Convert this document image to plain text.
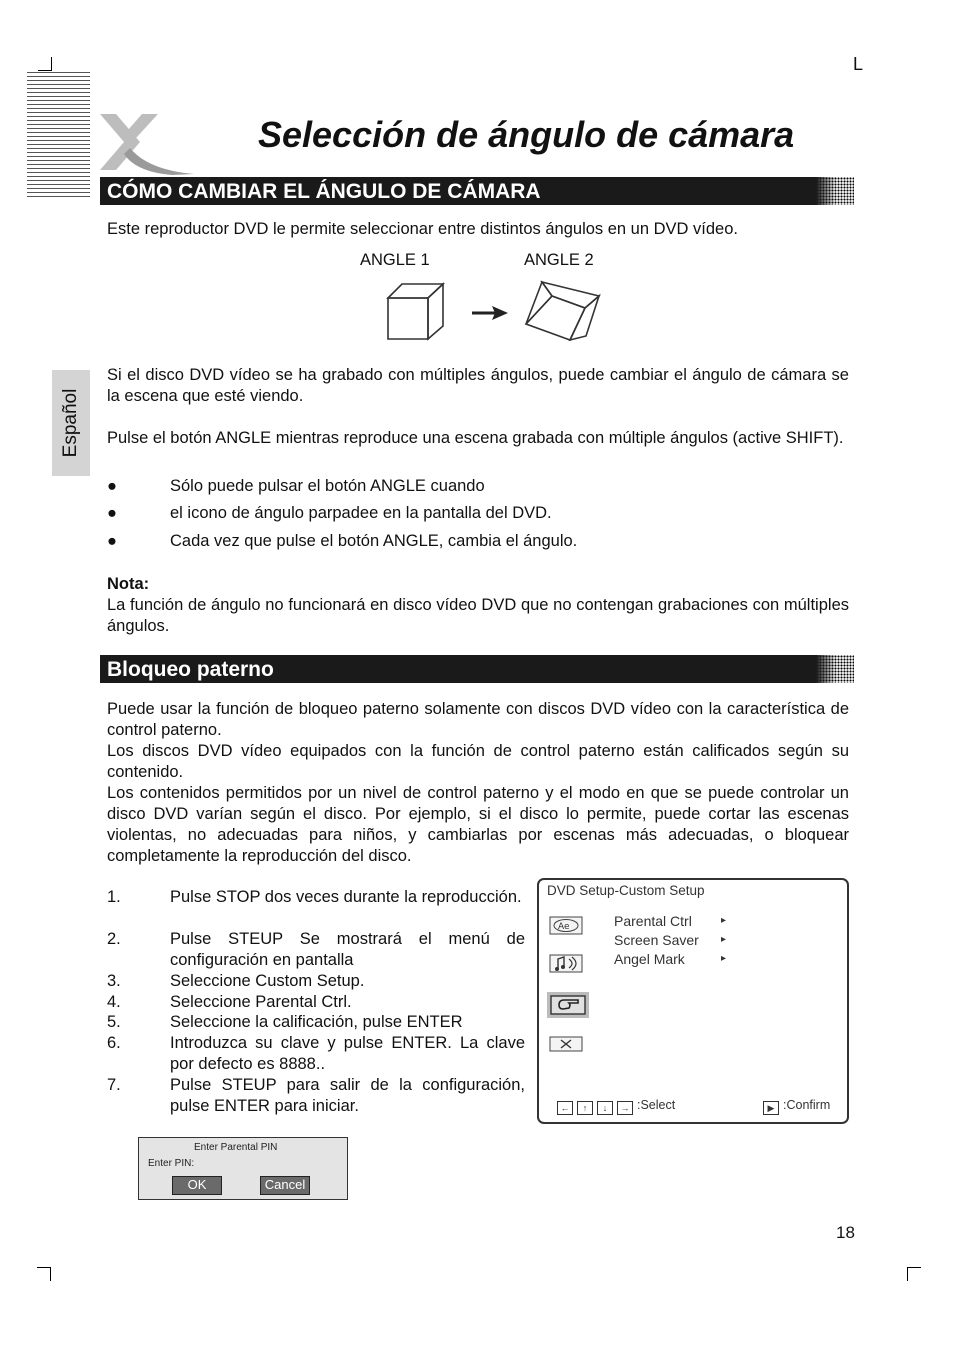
L
Selección de ángulo de cámara
CÓMO CAMBIAR EL ÁNGULO DE CÁMARA
Este reproductor DVD le permite seleccionar entre distintos ángulos en un DVD vídeo.
ANGLE 1	ANGLE 2
Español
Si el disco DVD vídeo se ha grabado con múltiples ángulos, puede cambiar el ángulo de cámara se la escena que esté viendo.
Pulse el botón ANGLE mientras reproduce una escena grabada con múltiple ángulos (active SHIFT).
●	Sólo puede pulsar el botón ANGLE cuando
●	el icono de ángulo parpadee en la pantalla del DVD.
●	Cada vez que pulse el botón ANGLE, cambia el ángulo.
Nota:
La función de ángulo no funcionará en disco vídeo DVD que no contengan grabaciones con múltiples ángulos.
Bloqueo paterno
Puede usar la función de bloqueo paterno solamente con discos DVD vídeo con la característica de control paterno.
Los discos DVD vídeo equipados con la función de control paterno están calificados según su contenido.
Los contenidos permitidos por un nivel de control paterno y el modo en que se puede controlar un disco DVD varían según el disco. Por ejemplo, si el disco lo permite, puede cortar las escenas violentas, no adecuadas para niños, y cambiarlas por escenas más adecuadas, o bloquear completamente la reproducción del disco.
1.	Pulse STOP dos veces durante la reproducción.
2.	Pulse STEUP Se mostrará el menú de configuración en pantalla
3.	Seleccione Custom Setup.
4.	Seleccione Parental Ctrl.
5.	Seleccione la calificación, pulse ENTER
6.	Introduzca su clave y pulse ENTER. La clave por defecto es 8888..
7.	Pulse STEUP para salir de la configuración, pulse ENTER para iniciar.
DVD Setup-Custom Setup
Ae	Parental Ctrl	▸
Screen Saver ▸
Angel Mark	▸
← ↑ ↓ → :Select	▶ :Confirm
Enter Parental PIN
Enter PIN:
OK	Cancel
18
